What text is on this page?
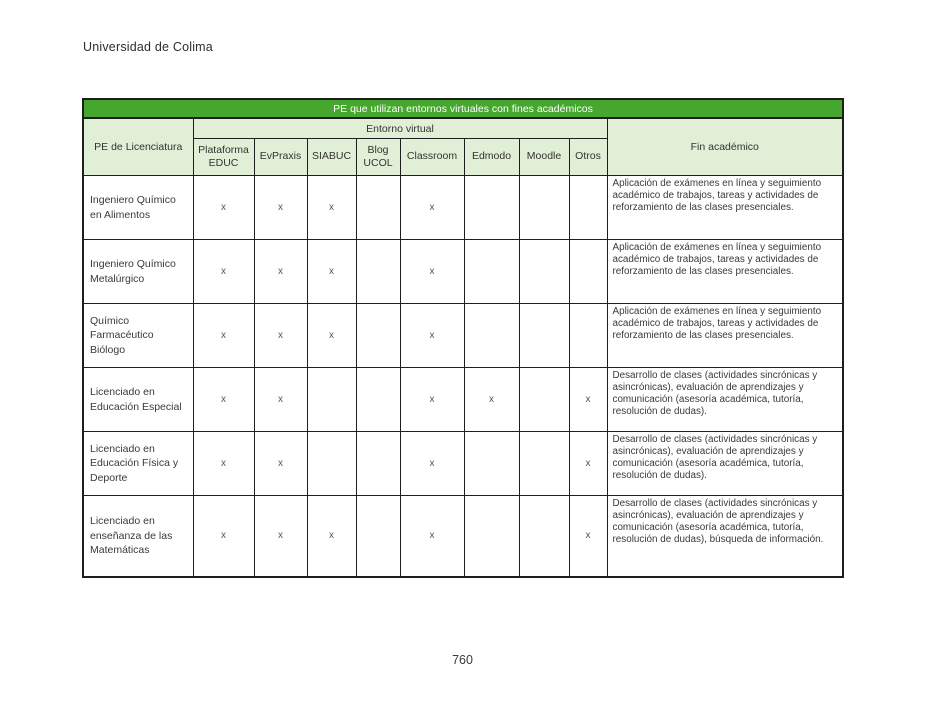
Universidad de Colima
PE que utilizan entornos virtuales con fines académicos									
PE de Licenciatura	Entorno virtual								Fin académico
	Plataforma EDUC	EvPraxis	SIABUC	Blog UCOL	Classroom	Edmodo	Moodle	Otros	
Ingeniero Químico en Alimentos	x	x	x		x				Aplicación de exámenes en línea y seguimiento académico de trabajos, tareas y actividades de reforzamiento de las clases presenciales.
Ingeniero Químico Metalúrgico	x	x	x		x				Aplicación de exámenes en línea y seguimiento académico de trabajos, tareas y actividades de reforzamiento de las clases presenciales.
Químico Farmacéutico Biólogo	x	x	x		x				Aplicación de exámenes en línea y seguimiento académico de trabajos, tareas y actividades de reforzamiento de las clases presenciales.
Licenciado en Educación Especial	x	x			x	x		x	Desarrollo de clases (actividades sincrónicas y asincrónicas), evaluación de aprendizajes y comunicación (asesoría académica, tutoría, resolución de dudas).
Licenciado en Educación Física y Deporte	x	x			x			x	Desarrollo de clases (actividades sincrónicas y asincrónicas), evaluación de aprendizajes y comunicación (asesoría académica, tutoría, resolución de dudas).
Licenciado en enseñanza de las Matemáticas	x	x	x		x			x	Desarrollo de clases (actividades sincrónicas y asincrónicas), evaluación de aprendizajes y comunicación (asesoría académica, tutoría, resolución de dudas), búsqueda de información.
760
